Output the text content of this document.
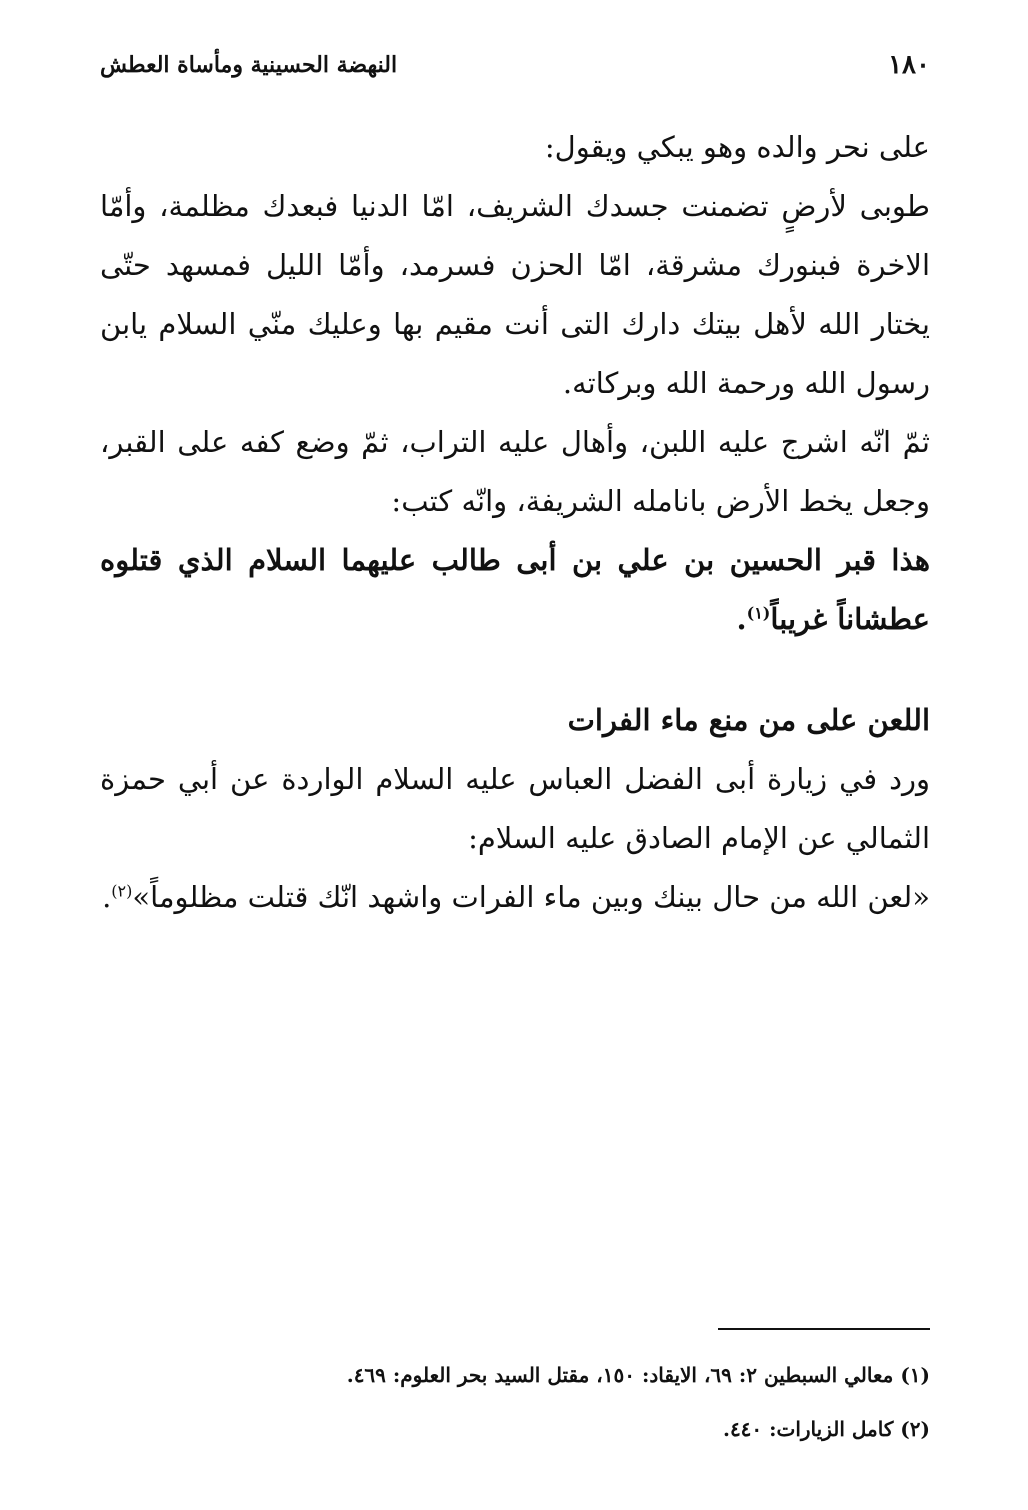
١٨٠
النهضة الحسينية ومأساة العطش

على نحر والده وهو يبكي ويقول:

طوبى لأرضٍ تضمنت جسدك الشريف، امّا الدنيا فبعدك مظلمة، وأمّا الاخرة فبنورك مشرقة، امّا الحزن فسرمد، وأمّا الليل فمسهد حتّى يختار الله لأهل بيتك دارك التى أنت مقيم بها وعليك منّي السلام يابن رسول الله ورحمة الله وبركاته.

ثمّ انّه اشرج عليه اللبن، وأهال عليه التراب، ثمّ وضع كفه على القبر، وجعل يخط الأرض بانامله الشريفة، وانّه كتب:

هذا قبر الحسين بن علي بن أبى طالب عليهما السلام الذي قتلوه عطشاناً غريباً$^{(١)}$.

اللعن على من منع ماء الفرات

ورد في زيارة أبى الفضل العباس عليه السلام الواردة عن أبي حمزة الثمالي عن الإمام الصادق عليه السلام:

«لعن الله من حال بينك وبين ماء الفرات واشهد انّك قتلت مظلوماً»$^{(٢)}$.

(١) معالي السبطين ٢: ٦٩، الايقاد: ١٥٠، مقتل السيد بحر العلوم: ٤٦٩.

(٢) كامل الزيارات: ٤٤٠.
